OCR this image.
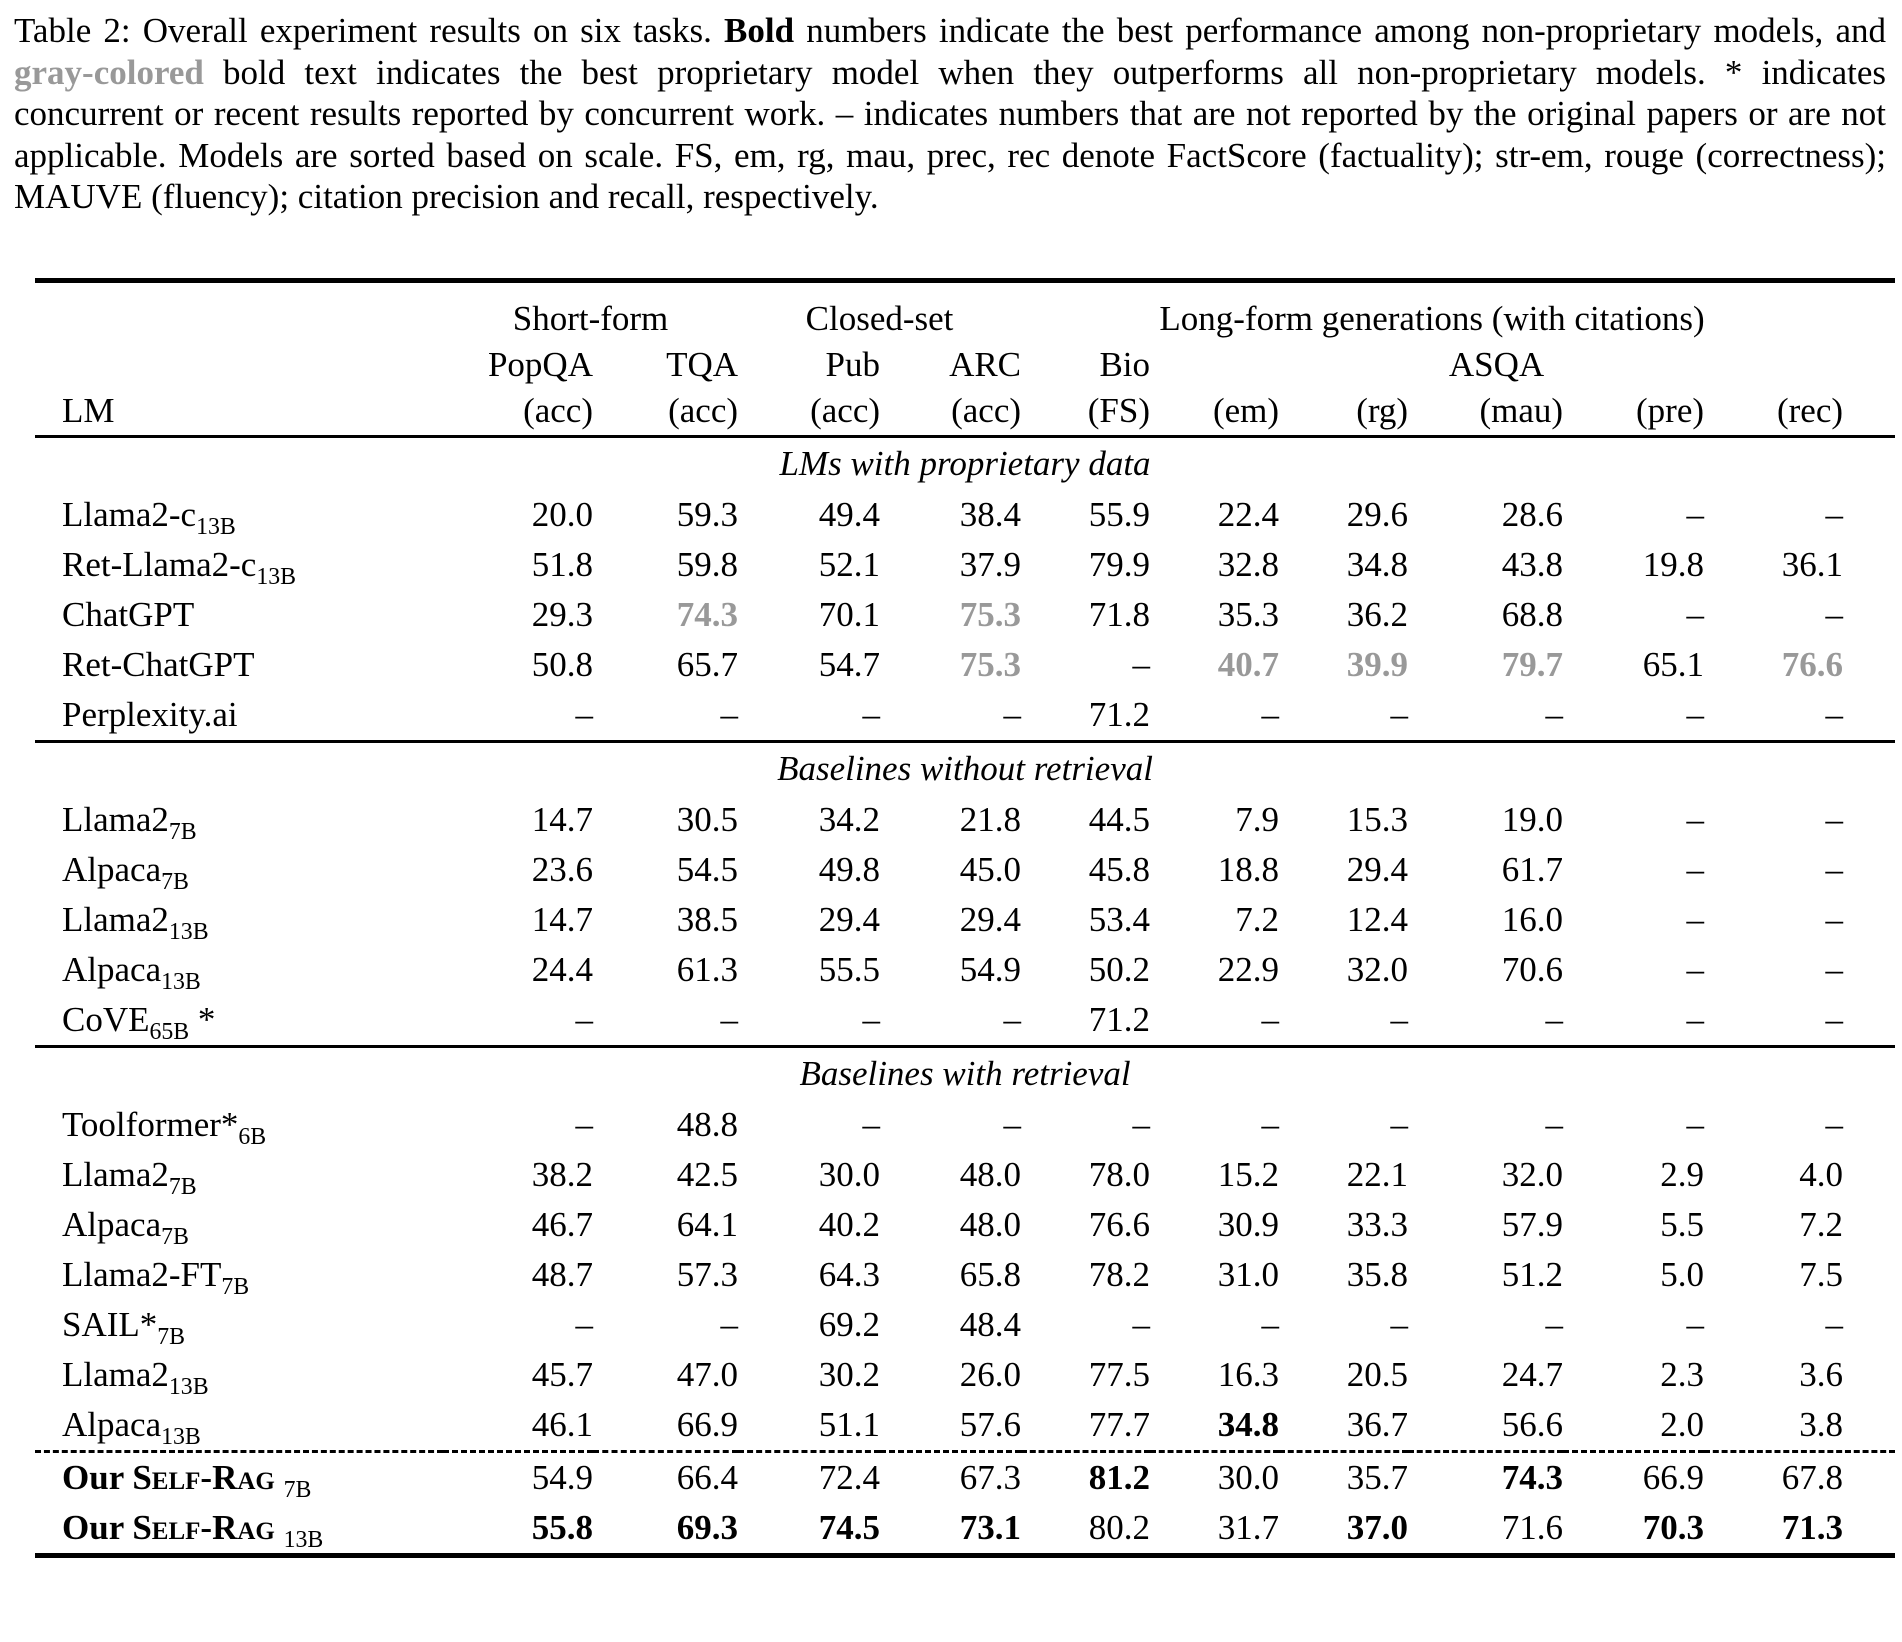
Table 2: Overall experiment results on six tasks. Bold numbers indicate the best performance among non-proprietary models, and gray-colored bold text indicates the best proprietary model when they outperforms all non-proprietary models. * indicates concurrent or recent results reported by concurrent work. – indicates numbers that are not reported by the original papers or are not applicable. Models are sorted based on scale. FS, em, rg, mau, prec, rec denote FactScore (factuality); str-em, rouge (correctness); MAUVE (fluency); citation precision and recall, respectively.

	Short-form		Closed-set		Long-form generations (with citations)					
	PopQA	TQA	Pub	ARC	Bio	ASQA				
LM	(acc)	(acc)	(acc)	(acc)	(FS)	(em)	(rg)	(mau)	(pre)	(rec)
LMs with proprietary data										
$Llama2-c_{13B}$	20.0	59.3	49.4	38.4	55.9	22.4	29.6	28.6	–	–
Ret-$Llama2-c_{13B}$	51.8	59.8	52.1	37.9	79.9	32.8	34.8	43.8	19.8	36.1
ChatGPT	29.3	74.3	70.1	75.3	71.8	35.3	36.2	68.8	–	–
Ret-ChatGPT	50.8	65.7	54.7	75.3	–	40.7	39.9	79.7	65.1	76.6
Perplexity.ai	–	–	–	–	71.2	–	–	–	–	–
Baselines without retrieval										
$Llama2_{7B}$	14.7	30.5	34.2	21.8	44.5	7.9	15.3	19.0	–	–
Alpaca$_{7B}$	23.6	54.5	49.8	45.0	45.8	18.8	29.4	61.7	–	–
$Llama2_{13B}$	14.7	38.5	29.4	29.4	53.4	7.2	12.4	16.0	–	–
Alpaca$_{13B}$	24.4	61.3	55.5	54.9	50.2	22.9	32.0	70.6	–	–
CoVE$_{65B}$ *	–	–	–	–	71.2	–	–	–	–	–
Baselines with retrieval										
$Toolformer*_{6B}$	–	48.8	–	–	–	–	–	–	–	–
$Llama2_{7B}$	38.2	42.5	30.0	48.0	78.0	15.2	22.1	32.0	2.9	4.0
Alpaca$_{7B}$	46.7	64.1	40.2	48.0	76.6	30.9	33.3	57.9	5.5	7.2
$Llama2-FT_{7B}$	48.7	57.3	64.3	65.8	78.2	31.0	35.8	51.2	5.0	7.5
$SAIL*_{7B}$	–	–	69.2	48.4	–	–	–	–	–	–
$Llama2_{13B}$	45.7	47.0	30.2	26.0	77.5	16.3	20.5	24.7	2.3	3.6
Alpaca$_{13B}$	46.1	66.9	51.1	57.6	77.7	34.8	36.7	56.6	2.0	3.8
Our Self-Rag $_{7B}$	54.9	66.4	72.4	67.3	81.2	30.0	35.7	74.3	66.9	67.8
Our Self-Rag $_{13B}$	55.8	69.3	74.5	73.1	80.2	31.7	37.0	71.6	70.3	71.3
